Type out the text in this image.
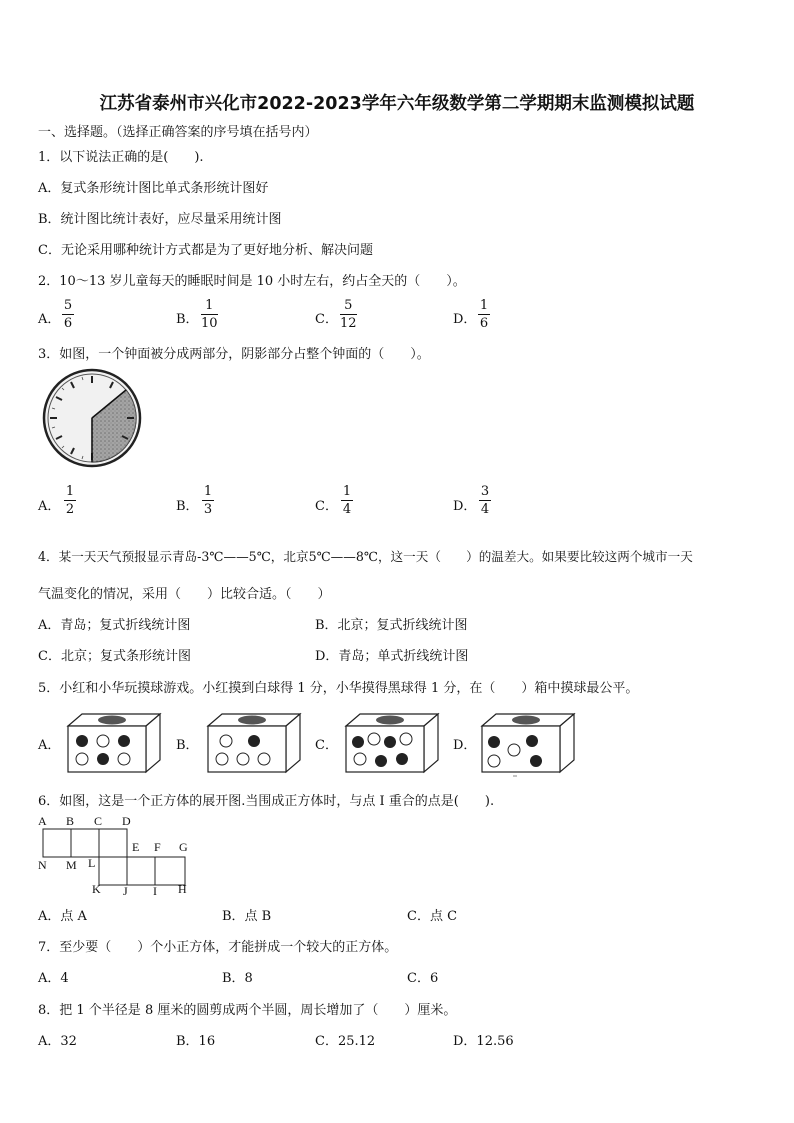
江苏省泰州市兴化市2022-2023学年六年级数学第二学期期末监测模拟试题
一、选择题。（选择正确答案的序号填在括号内）
1．以下说法正确的是(　　).
A．复式条形统计图比单式条形统计图好
B．统计图比统计表好，应尽量采用统计图
C．无论采用哪种统计方式都是为了更好地分析、解决问题
2．10～13 岁儿童每天的睡眠时间是 10 小时左右，约占全天的（　　）。
A．
5
6	B．
1
10	C．
5
12	D．
1
6
3．如图，一个钟面被分成两部分，阴影部分占整个钟面的（　　）。
A．
1
2	B．
1
3	C．
1
4	D．
3
4
4．某一天天气预报显示青岛-3℃——5℃，北京5℃——8℃，这一天（　　）的温差大。如果要比较这两个城市一天
气温变化的情况，采用（　　）比较合适。（　　）
A．青岛；复式折线统计图	B．北京；复式折线统计图
C．北京；复式条形统计图	D．青岛；单式折线统计图
5．小红和小华玩摸球游戏。小红摸到白球得 1 分，小华摸得黑球得 1 分，在（　　）箱中摸球最公平。
A．	B．	C．	D．
6．如图，这是一个正方体的展开图.当围成正方体时，与点 I 重合的点是(　　).
A B C D
E F G
N M L
K J I H
A．点 A	B．点 B	C．点 C
7．至少要（　　）个小正方体，才能拼成一个较大的正方体。
A．4	B．8	C．6
8．把 1 个半径是 8 厘米的圆剪成两个半圆，周长增加了（　　）厘米。
A．32	B．16	C．25.12	D．12.56
